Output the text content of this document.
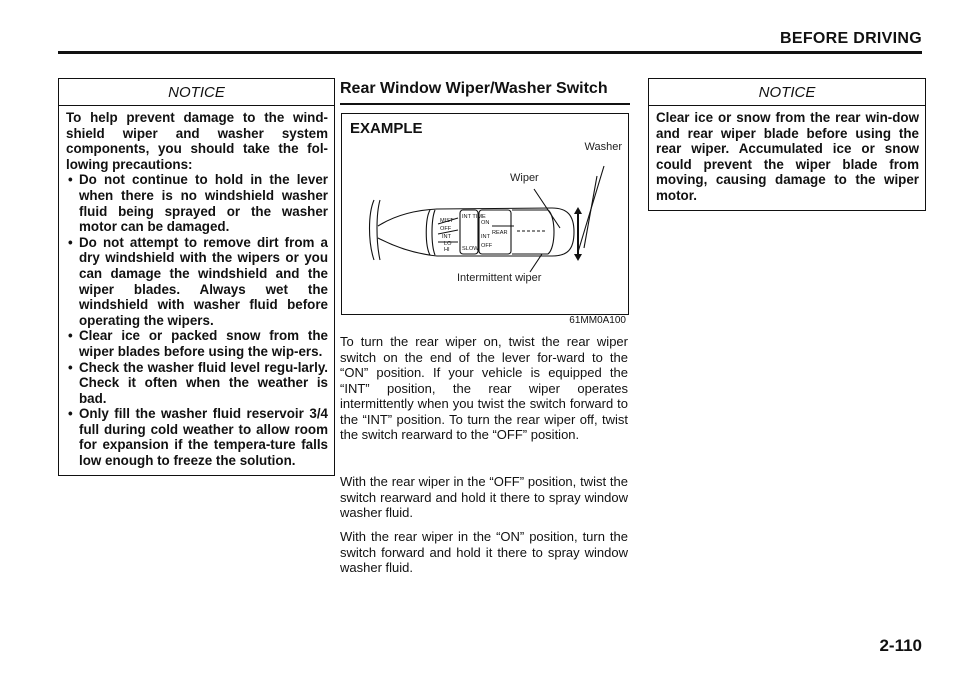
BEFORE DRIVING
NOTICE

To help prevent damage to the wind-shield wiper and washer system components, you should take the fol-lowing precautions:

• Do not continue to hold in the lever when there is no windshield washer fluid being sprayed or the washer motor can be damaged.
• Do not attempt to remove dirt from a dry windshield with the wipers or you can damage the windshield and the wiper blades. Always wet the windshield with washer fluid before operating the wipers.
• Clear ice or packed snow from the wiper blades before using the wip-ers.
• Check the washer fluid level regu-larly. Check it often when the weather is bad.
• Only fill the washer fluid reservoir 3/4 full during cold weather to allow room for expansion if the tempera-ture falls low enough to freeze the solution.
Rear Window Wiper/Washer Switch
EXAMPLE
Washer
Wiper
Intermittent wiper
MIST
OFF
INT
LO
HI
INT TIME
SLOW
ON
INT
OFF
REAR
61MM0A100
To turn the rear wiper on, twist the rear wiper switch on the end of the lever for-ward to the “ON” position. If your vehicle is equipped the “INT” position, the rear wiper operates intermittently when you twist the switch forward to the “INT” position. To turn the rear wiper off, twist the switch rearward to the “OFF” position.
With the rear wiper in the “OFF” position, twist the switch rearward and hold it there to spray window washer fluid.
With the rear wiper in the “ON” position, turn the switch forward and hold it there to spray window washer fluid.
NOTICE

Clear ice or snow from the rear win-dow and rear wiper blade before using the rear wiper. Accumulated ice or snow could prevent the wiper blade from moving, causing damage to the wiper motor.

2-110
